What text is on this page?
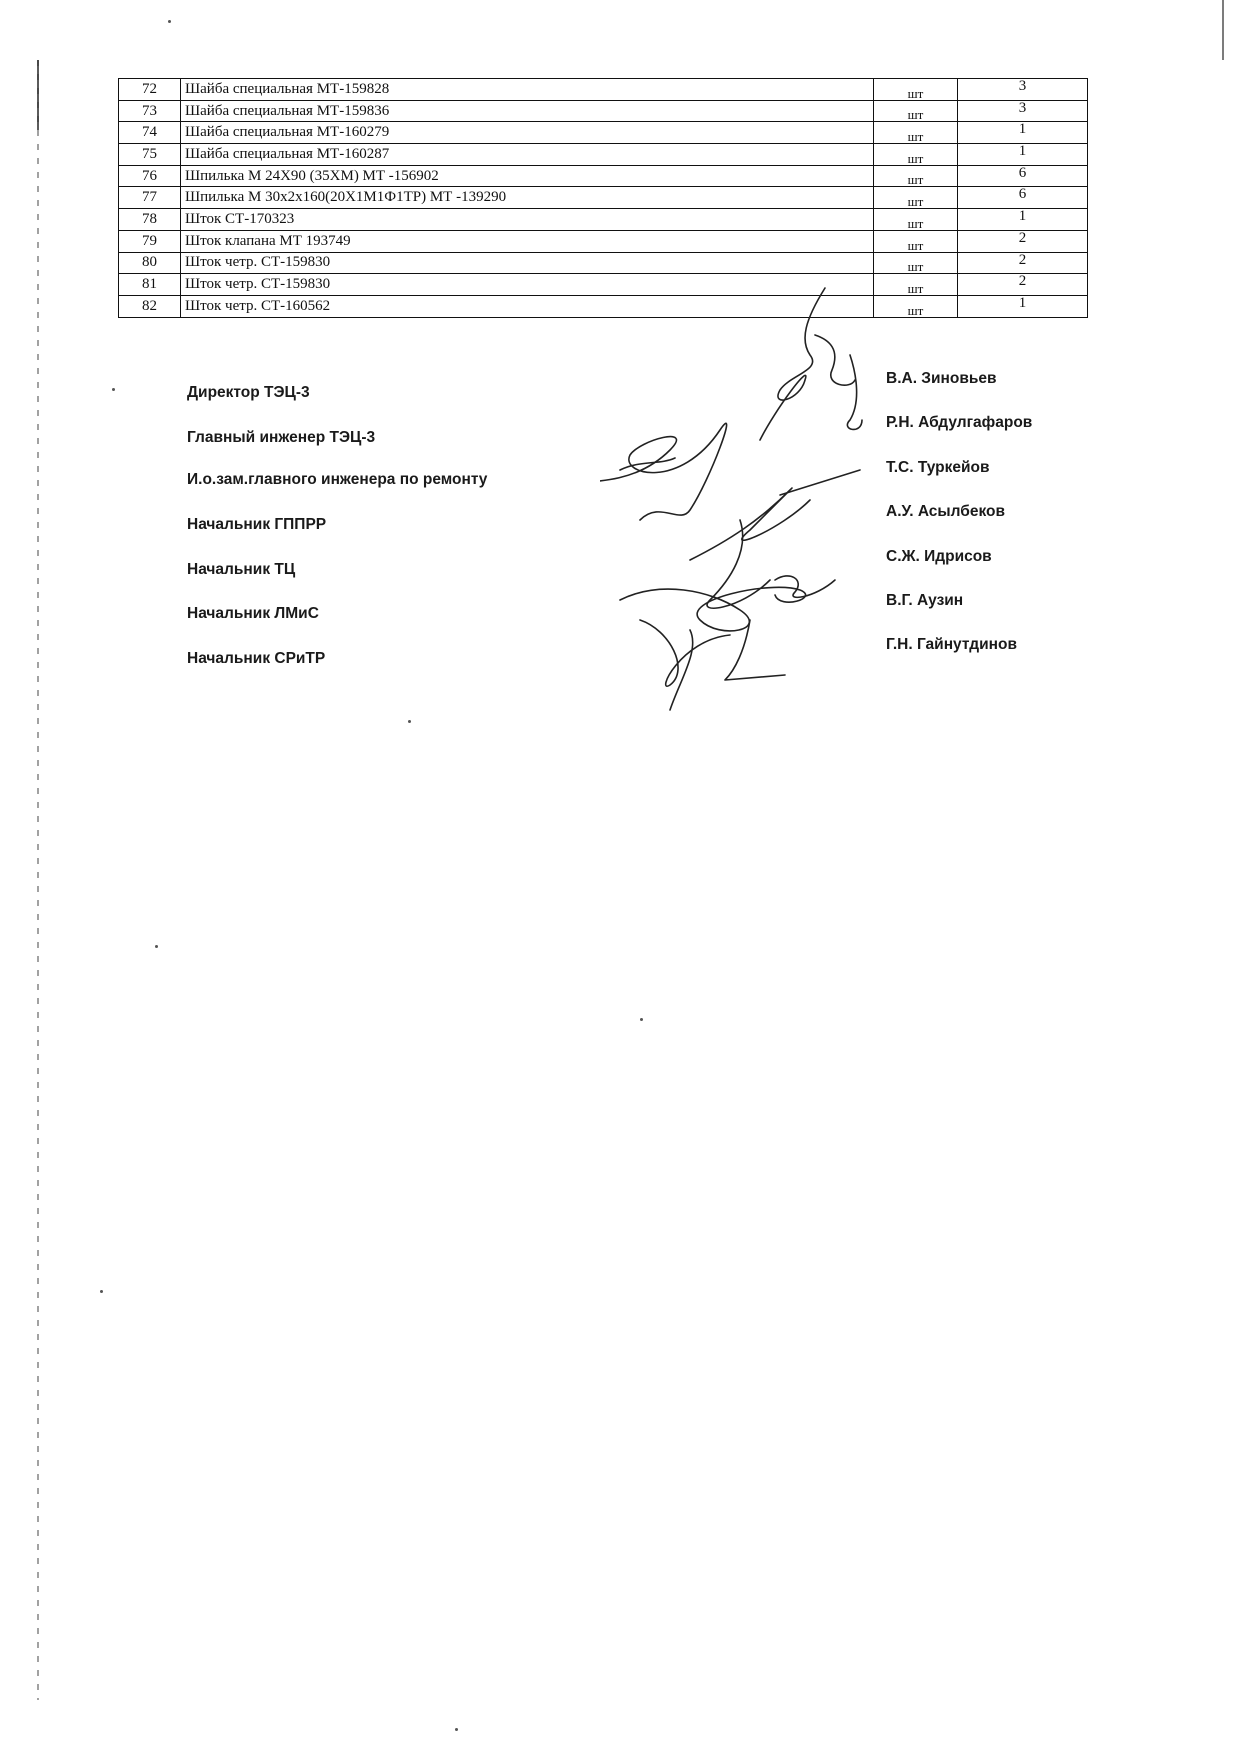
72	Шайба специальная МТ-159828	шт	3
73	Шайба специальная МТ-159836	шт	3
74	Шайба специальная МТ-160279	шт	1
75	Шайба специальная МТ-160287	шт	1
76	Шпилька М 24Х90 (35ХМ) МТ -156902	шт	6
77	Шпилька М 30х2х160(20Х1М1Ф1ТР) МТ -139290	шт	6
78	Шток СТ-170323	шт	1
79	Шток клапана МТ 193749	шт	2
80	Шток четр. СТ-159830	шт	2
81	Шток четр. СТ-159830	шт	2
82	Шток четр. СТ-160562	шт	1
Директор ТЭЦ-3
Главный инженер ТЭЦ-3
И.о.зам.главного инженера по ремонту
Начальник ГППРР
Начальник ТЦ
Начальник ЛМиС
Начальник СРиТР
В.А. Зиновьев
Р.Н. Абдулгафаров
Т.С. Туркейов
А.У. Асылбеков
С.Ж. Идрисов
В.Г. Аузин
Г.Н. Гайнутдинов
